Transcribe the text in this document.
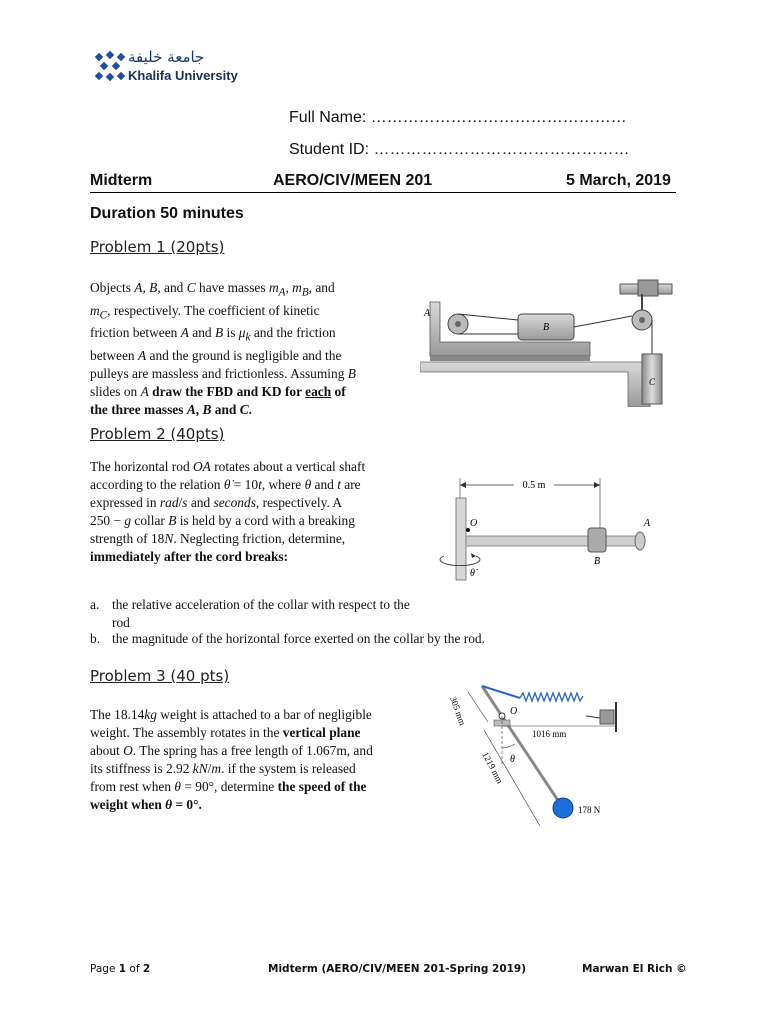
جامعة خليفة
Khalifa University
Full Name: …………………………………………
Student ID: …………………………………………
Midterm	AERO/CIV/MEEN 201	5 March, 2019
Duration 50 minutes
Problem 1 (20pts)

Objects A, B, and C have masses $m_A$, $m_B$, and

$m_C$, respectively. The coefficient of kinetic

friction between A and B is $\mu_k$ and the friction

between A and the ground is negligible and the

pulleys are massless and frictionless. Assuming B

slides on A draw the FBD and KD for each of

the three masses A, B and C.

B
C
A
Problem 2 (40pts)

The horizontal rod OA rotates about a vertical shaft

according to the relation θ̇ = 10t, where θ and t are

expressed in rad/s and seconds, respectively. A

250 − g collar B is held by a cord with a breaking

strength of 18N. Neglecting friction, determine,

immediately after the cord breaks:

0.5 m
O
B
A
θ̇
a. the relative acceleration of the collar with respect to the rod
b. the magnitude of the horizontal force exerted on the collar by the rod.
Problem 3 (40 pts)

The 18.14kg weight is attached to a bar of negligible

weight. The assembly rotates in the vertical plane

about O. The spring has a free length of 1.067m, and

its stiffness is 2.92 kN/m. if the system is released

from rest when θ = 90°, determine the speed of the

weight when θ = 0°.

O
1016 mm
θ
305 mm
1219 mm
178 N
Page 1 of 2	Midterm (AERO/CIV/MEEN 201-Spring 2019)	Marwan El Rich ©
